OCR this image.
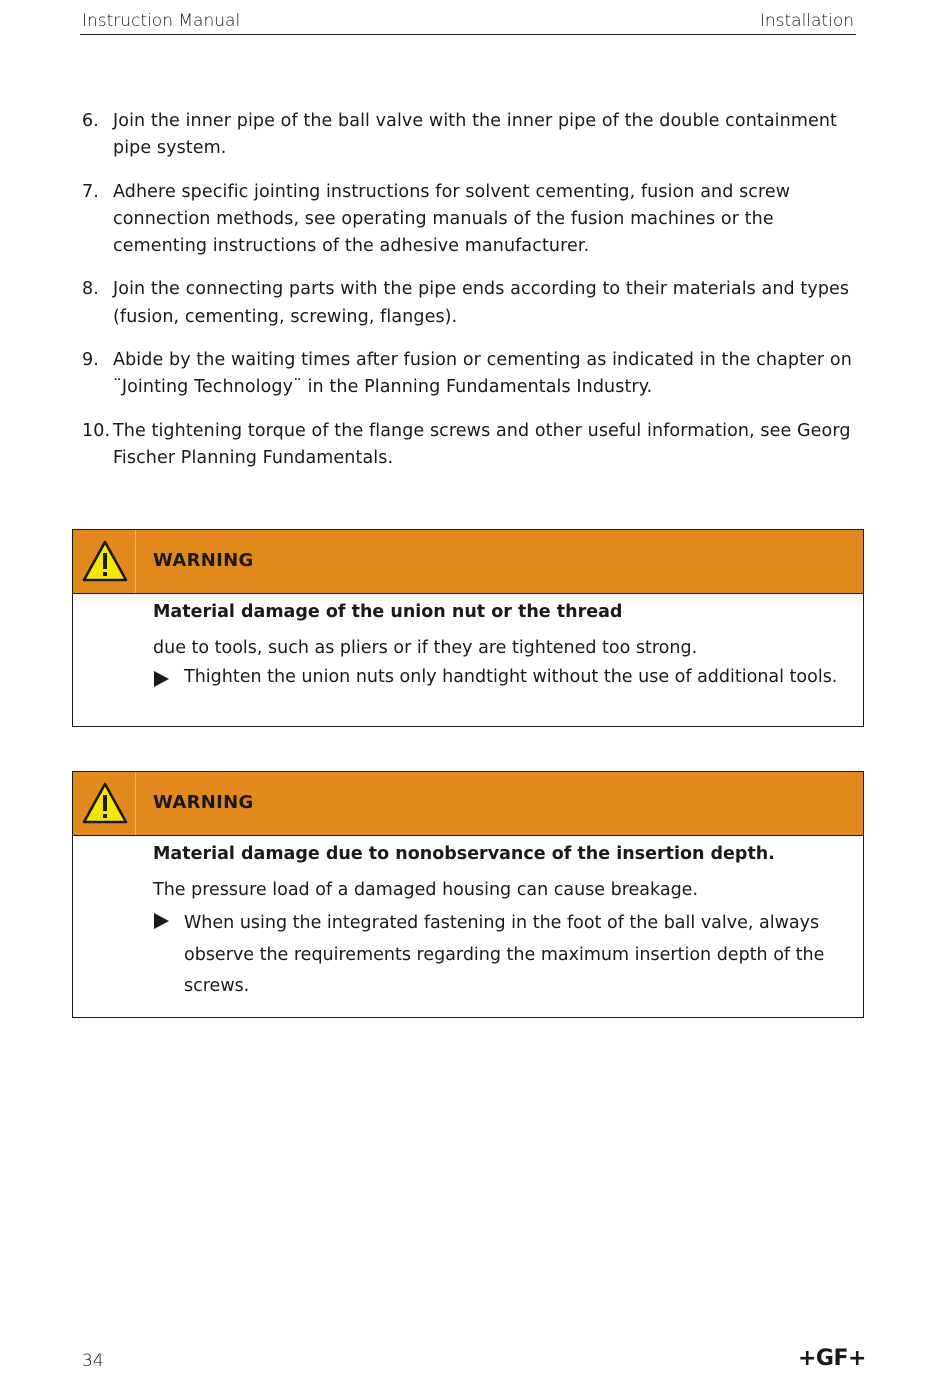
Instruction Manual	Installation
6. Join the inner pipe of the ball valve with the inner pipe of the double containment pipe system.
7. Adhere specific jointing instructions for solvent cementing, fusion and screw connection methods, see operating manuals of the fusion machines or the cementing instructions of the adhesive manufacturer.
8. Join the connecting parts with the pipe ends according to their materials and types (fusion, cementing, screwing, flanges).
9. Abide by the waiting times after fusion or cementing as indicated in the chapter on ¨Jointing Technology¨ in the Planning Fundamentals Industry.
10. The tightening torque of the flange screws and other useful information, see Georg Fischer Planning Fundamentals.
WARNING

Material damage of the union nut or the thread

due to tools, such as pliers or if they are tightened too strong.

Thighten the union nuts only handtight without the use of additional tools.
WARNING

Material damage due to nonobservance of the insertion depth.

The pressure load of a damaged housing can cause breakage.

When using the integrated fastening in the foot of the ball valve, always observe the requirements regarding the maximum insertion depth of the screws.
34	+GF+
